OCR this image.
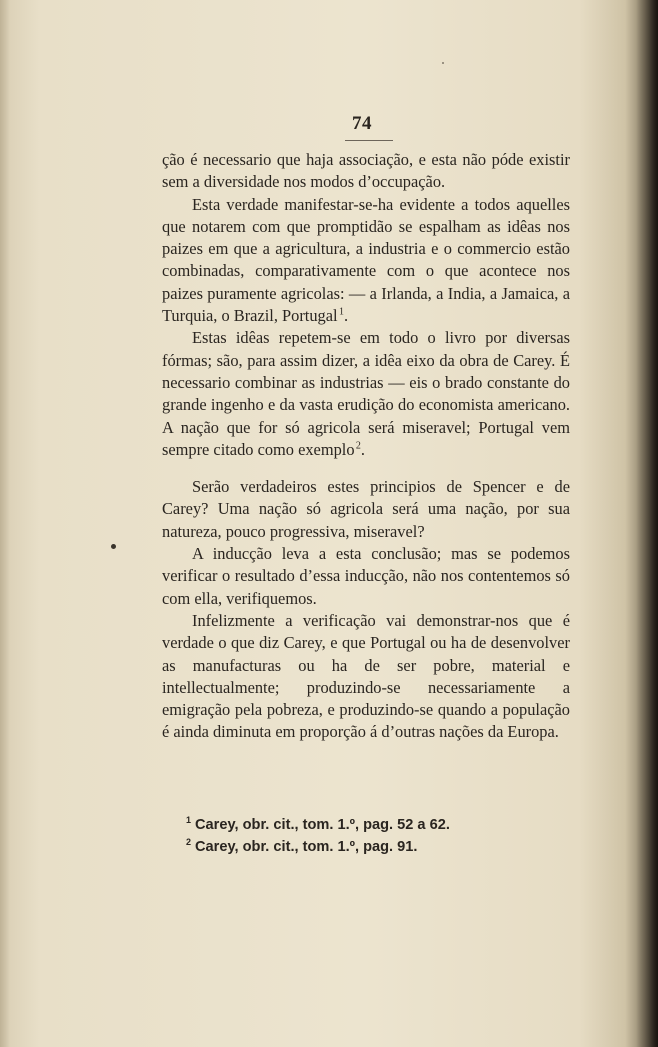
74

ção é necessario que haja associação, e esta não póde existir sem a diversidade nos modos d’occupação.

Esta verdade manifestar-se-ha evidente a todos aquelles que notarem com que promptidão se espalham as idêas nos paizes em que a agricultura, a industria e o commercio estão combinadas, comparativamente com o que acontece nos paizes puramente agricolas: — a Irlanda, a India, a Jamaica, a Turquia, o Brazil, Portugal $^1$.

Estas idêas repetem-se em todo o livro por diversas fórmas; são, para assim dizer, a idêa eixo da obra de Carey. É necessario combinar as industrias — eis o brado constante do grande ingenho e da vasta erudição do economista americano. A nação que for só agricola será miseravel; Portugal vem sempre citado como exemplo $^2$.

Serão verdadeiros estes principios de Spencer e de Carey? Uma nação só agricola será uma nação, por sua natureza, pouco progressiva, miseravel?

A inducção leva a esta conclusão; mas se podemos verificar o resultado d’essa inducção, não nos contentemos só com ella, verifiquemos.

Infelizmente a verificação vai demonstrar-nos que é verdade o que diz Carey, e que Portugal ou ha de desenvolver as manufacturas ou ha de ser pobre, material e intellectualmente; produzindo-se necessariamente a emigração pela pobreza, e produzindo-se quando a população é ainda diminuta em proporção á d’outras nações da Europa.

$^1$ Carey, obr. cit., tom. 1.º, pag. 52 a 62.

$^2$ Carey, obr. cit., tom. 1.º, pag. 91.
